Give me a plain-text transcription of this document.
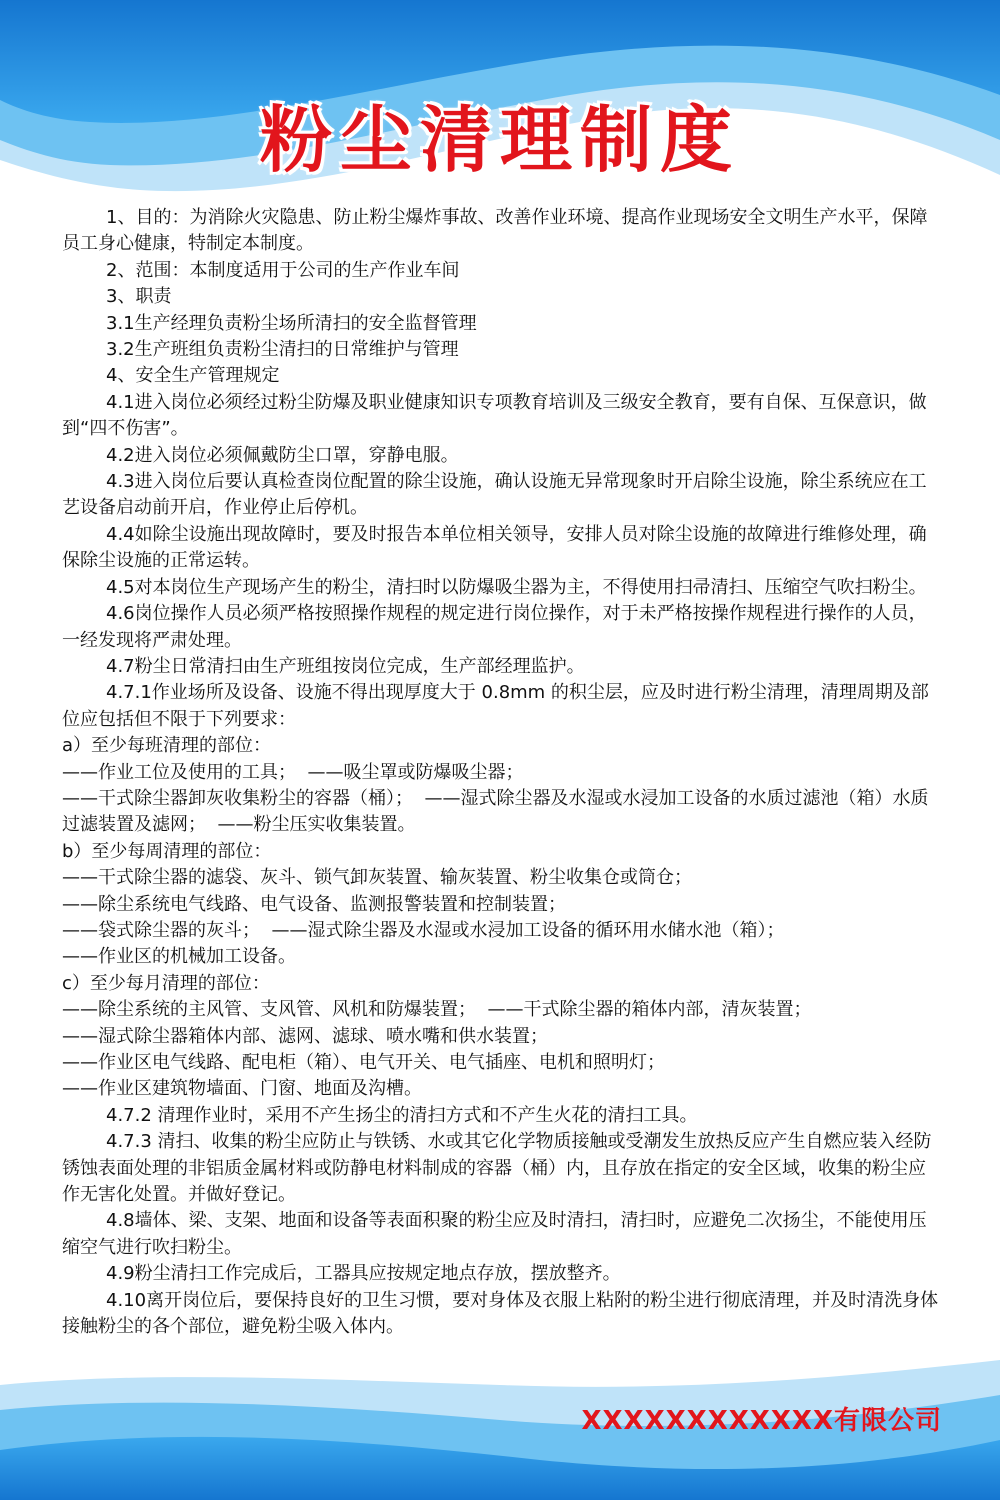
粉尘清理制度

1、目的：为消除火灾隐患、防止粉尘爆炸事故、改善作业环境、提高作业现场安全文明生产水平，保障员工身心健康，特制定本制度。

2、范围：本制度适用于公司的生产作业车间

3、职责

3.1生产经理负责粉尘场所清扫的安全监督管理

3.2生产班组负责粉尘清扫的日常维护与管理

4、安全生产管理规定

4.1进入岗位必须经过粉尘防爆及职业健康知识专项教育培训及三级安全教育，要有自保、互保意识，做到“四不伤害”。

4.2进入岗位必须佩戴防尘口罩，穿静电服。

4.3进入岗位后要认真检查岗位配置的除尘设施，确认设施无异常现象时开启除尘设施，除尘系统应在工艺设备启动前开启，作业停止后停机。

4.4如除尘设施出现故障时，要及时报告本单位相关领导，安排人员对除尘设施的故障进行维修处理，确保除尘设施的正常运转。

4.5对本岗位生产现场产生的粉尘，清扫时以防爆吸尘器为主，不得使用扫帚清扫、压缩空气吹扫粉尘。

4.6岗位操作人员必须严格按照操作规程的规定进行岗位操作，对于未严格按操作规程进行操作的人员，一经发现将严肃处理。

4.7粉尘日常清扫由生产班组按岗位完成，生产部经理监护。

4.7.1作业场所及设备、设施不得出现厚度大于 0.8mm 的积尘层，应及时进行粉尘清理，清理周期及部位应包括但不限于下列要求：

a）至少每班清理的部位：

——作业工位及使用的工具；  ——吸尘罩或防爆吸尘器；

——干式除尘器卸灰收集粉尘的容器（桶）；  ——湿式除尘器及水湿或水浸加工设备的水质过滤池（箱）水质过滤装置及滤网；  ——粉尘压实收集装置。

b）至少每周清理的部位：

——干式除尘器的滤袋、灰斗、锁气卸灰装置、输灰装置、粉尘收集仓或筒仓；

——除尘系统电气线路、电气设备、监测报警装置和控制装置；

——袋式除尘器的灰斗；  ——湿式除尘器及水湿或水浸加工设备的循环用水储水池（箱）；

——作业区的机械加工设备。

c）至少每月清理的部位：

——除尘系统的主风管、支风管、风机和防爆装置；  ——干式除尘器的箱体内部，清灰装置；

——湿式除尘器箱体内部、滤网、滤球、喷水嘴和供水装置；

——作业区电气线路、配电柜（箱）、电气开关、电气插座、电机和照明灯；

——作业区建筑物墙面、门窗、地面及沟槽。

4.7.2 清理作业时，采用不产生扬尘的清扫方式和不产生火花的清扫工具。

4.7.3 清扫、收集的粉尘应防止与铁锈、水或其它化学物质接触或受潮发生放热反应产生自燃应装入经防锈蚀表面处理的非铝质金属材料或防静电材料制成的容器（桶）内，且存放在指定的安全区域，收集的粉尘应作无害化处置。并做好登记。

4.8墙体、梁、支架、地面和设备等表面积聚的粉尘应及时清扫，清扫时，应避免二次扬尘，不能使用压缩空气进行吹扫粉尘。

4.9粉尘清扫工作完成后，工器具应按规定地点存放，摆放整齐。

4.10离开岗位后，要保持良好的卫生习惯，要对身体及衣服上粘附的粉尘进行彻底清理，并及时清洗身体接触粉尘的各个部位，避免粉尘吸入体内。

XXXXXXXXXXXX有限公司
